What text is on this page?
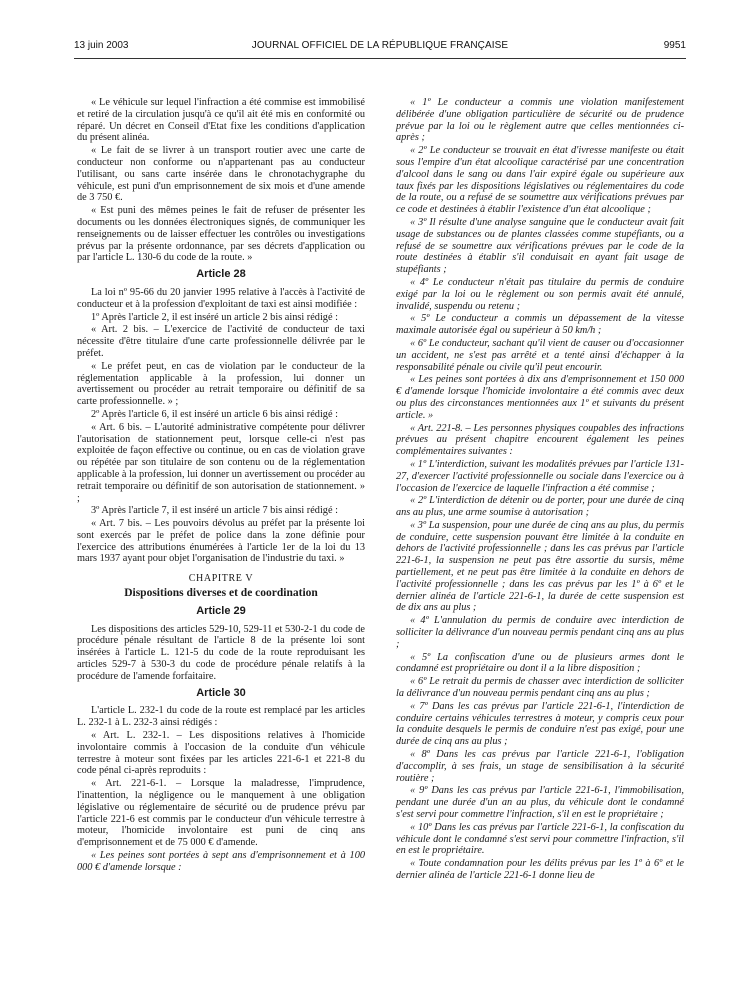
13 juin 2003	JOURNAL OFFICIEL DE LA RÉPUBLIQUE FRANÇAISE	9951

« Le véhicule sur lequel l'infraction a été commise est immobilisé et retiré de la circulation jusqu'à ce qu'il ait été mis en conformité ou réparé. Un décret en Conseil d'Etat fixe les conditions d'application du présent alinéa.

« Le fait de se livrer à un transport routier avec une carte de conducteur non conforme ou n'appartenant pas au conducteur l'utilisant, ou sans carte insérée dans le chronotachygraphe du véhicule, est puni d'un emprisonnement de six mois et d'une amende de 3 750 €.

« Est puni des mêmes peines le fait de refuser de présenter les documents ou les données électroniques signés, de communiquer les renseignements ou de laisser effectuer les contrôles ou investigations prévus par la présente ordonnance, par ses décrets d'application ou par l'article L. 130-6 du code de la route. »

Article 28

La loi nº 95-66 du 20 janvier 1995 relative à l'accès à l'activité de conducteur et à la profession d'exploitant de taxi est ainsi modifiée :

1º Après l'article 2, il est inséré un article 2 bis ainsi rédigé :

« Art. 2 bis. – L'exercice de l'activité de conducteur de taxi nécessite d'être titulaire d'une carte professionnelle délivrée par le préfet.

« Le préfet peut, en cas de violation par le conducteur de la réglementation applicable à la profession, lui donner un avertissement ou procéder au retrait temporaire ou définitif de sa carte professionnelle. » ;

2º Après l'article 6, il est inséré un article 6 bis ainsi rédigé :

« Art. 6 bis. – L'autorité administrative compétente pour délivrer l'autorisation de stationnement peut, lorsque celle-ci n'est pas exploitée de façon effective ou continue, ou en cas de violation grave ou répétée par son titulaire de son contenu ou de la réglementation applicable à la profession, lui donner un avertissement ou procéder au retrait temporaire ou définitif de son autorisation de stationnement. » ;

3º Après l'article 7, il est inséré un article 7 bis ainsi rédigé :

« Art. 7 bis. – Les pouvoirs dévolus au préfet par la présente loi sont exercés par le préfet de police dans la zone définie pour l'exercice des attributions énumérées à l'article 1er de la loi du 13 mars 1937 ayant pour objet l'organisation de l'industrie du taxi. »

CHAPITRE V
Dispositions diverses et de coordination
Article 29

Les dispositions des articles 529-10, 529-11 et 530-2-1 du code de procédure pénale résultant de l'article 8 de la présente loi sont insérées à l'article L. 121-5 du code de la route reproduisant les articles 529-7 à 530-3 du code de procédure pénale relatifs à la procédure de l'amende forfaitaire.

Article 30

L'article L. 232-1 du code de la route est remplacé par les articles L. 232-1 à L. 232-3 ainsi rédigés :

« Art. L. 232-1. – Les dispositions relatives à l'homicide involontaire commis à l'occasion de la conduite d'un véhicule terrestre à moteur sont fixées par les articles 221-6-1 et 221-8 du code pénal ci-après reproduits :

« Art. 221-6-1. – Lorsque la maladresse, l'imprudence, l'inattention, la négligence ou le manquement à une obligation législative ou réglementaire de sécurité ou de prudence prévu par l'article 221-6 est commis par le conducteur d'un véhicule terrestre à moteur, l'homicide involontaire est puni de cinq ans d'emprisonnement et de 75 000 € d'amende.

« Les peines sont portées à sept ans d'emprisonnement et à 100 000 € d'amende lorsque :

« 1º Le conducteur a commis une violation manifestement délibérée d'une obligation particulière de sécurité ou de prudence prévue par la loi ou le règlement autre que celles mentionnées ci-après ;

« 2º Le conducteur se trouvait en état d'ivresse manifeste ou était sous l'empire d'un état alcoolique caractérisé par une concentration d'alcool dans le sang ou dans l'air expiré égale ou supérieure aux taux fixés par les dispositions législatives ou réglementaires du code de la route, ou a refusé de se soumettre aux vérifications prévues par ce code et destinées à établir l'existence d'un état alcoolique ;

« 3º Il résulte d'une analyse sanguine que le conducteur avait fait usage de substances ou de plantes classées comme stupéfiants, ou a refusé de se soumettre aux vérifications prévues par le code de la route destinées à établir s'il conduisait en ayant fait usage de stupéfiants ;

« 4º Le conducteur n'était pas titulaire du permis de conduire exigé par la loi ou le règlement ou son permis avait été annulé, invalidé, suspendu ou retenu ;

« 5º Le conducteur a commis un dépassement de la vitesse maximale autorisée égal ou supérieur à 50 km/h ;

« 6º Le conducteur, sachant qu'il vient de causer ou d'occasionner un accident, ne s'est pas arrêté et a tenté ainsi d'échapper à la responsabilité pénale ou civile qu'il peut encourir.

« Les peines sont portées à dix ans d'emprisonnement et 150 000 € d'amende lorsque l'homicide involontaire a été commis avec deux ou plus des circonstances mentionnées aux 1º et suivants du présent article. »

« Art. 221-8. – Les personnes physiques coupables des infractions prévues au présent chapitre encourent également les peines complémentaires suivantes :

« 1º L'interdiction, suivant les modalités prévues par l'article 131-27, d'exercer l'activité professionnelle ou sociale dans l'exercice ou à l'occasion de l'exercice de laquelle l'infraction a été commise ;

« 2º L'interdiction de détenir ou de porter, pour une durée de cinq ans au plus, une arme soumise à autorisation ;

« 3º La suspension, pour une durée de cinq ans au plus, du permis de conduire, cette suspension pouvant être limitée à la conduite en dehors de l'activité professionnelle ; dans les cas prévus par l'article 221-6-1, la suspension ne peut pas être assortie du sursis, même partiellement, et ne peut pas être limitée à la conduite en dehors de l'activité professionnelle ; dans les cas prévus par les 1º à 6º et le dernier alinéa de l'article 221-6-1, la durée de cette suspension est de dix ans au plus ;

« 4º L'annulation du permis de conduire avec interdiction de solliciter la délivrance d'un nouveau permis pendant cinq ans au plus ;

« 5º La confiscation d'une ou de plusieurs armes dont le condamné est propriétaire ou dont il a la libre disposition ;

« 6º Le retrait du permis de chasser avec interdiction de solliciter la délivrance d'un nouveau permis pendant cinq ans au plus ;

« 7º Dans les cas prévus par l'article 221-6-1, l'interdiction de conduire certains véhicules terrestres à moteur, y compris ceux pour la conduite desquels le permis de conduire n'est pas exigé, pour une durée de cinq ans au plus ;

« 8º Dans les cas prévus par l'article 221-6-1, l'obligation d'accomplir, à ses frais, un stage de sensibilisation à la sécurité routière ;

« 9º Dans les cas prévus par l'article 221-6-1, l'immobilisation, pendant une durée d'un an au plus, du véhicule dont le condamné s'est servi pour commettre l'infraction, s'il en est le propriétaire ;

« 10º Dans les cas prévus par l'article 221-6-1, la confiscation du véhicule dont le condamné s'est servi pour commettre l'infraction, s'il en est le propriétaire.

« Toute condamnation pour les délits prévus par les 1º à 6º et le dernier alinéa de l'article 221-6-1 donne lieu de
